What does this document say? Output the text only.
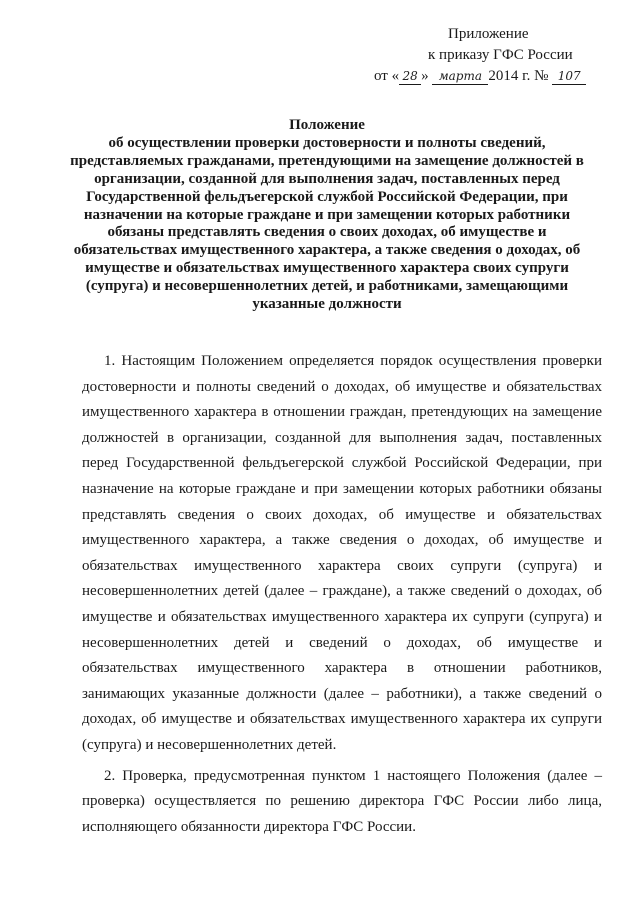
Приложение
к приказу ГФС России
от « 28 » марта 2014 г. № 107
Положение
об осуществлении проверки достоверности и полноты сведений, представляемых гражданами, претендующими на замещение должностей в организации, созданной для выполнения задач, поставленных перед Государственной фельдъегерской службой Российской Федерации, при назначении на которые граждане и при замещении которых работники обязаны представлять сведения о своих доходах, об имуществе и обязательствах имущественного характера, а также сведения о доходах, об имуществе и обязательствах имущественного характера своих супруги (супруга) и несовершеннолетних детей, и работниками, замещающими указанные должности

1. Настоящим Положением определяется порядок осуществления проверки достоверности и полноты сведений о доходах, об имуществе и обязательствах имущественного характера в отношении граждан, претендующих на замещение должностей в организации, созданной для выполнения задач, поставленных перед Государственной фельдъегерской службой Российской Федерации, при назначение на которые граждане и при замещении которых работники обязаны представлять сведения о своих доходах, об имуществе и обязательствах имущественного характера, а также сведения о доходах, об имуществе и обязательствах имущественного характера своих супруги (супруга) и несовершеннолетних детей (далее – граждане), а также сведений о доходах, об имуществе и обязательствах имущественного характера их супруги (супруга) и несовершеннолетних детей и сведений о доходах, об имуществе и обязательствах имущественного характера в отношении работников, занимающих указанные должности (далее – работники), а также сведений о доходах, об имуществе и обязательствах имущественного характера их супруги (супруга) и несовершеннолетних детей.

2. Проверка, предусмотренная пунктом 1 настоящего Положения (далее – проверка) осуществляется по решению директора ГФС России либо лица, исполняющего обязанности директора ГФС России.
